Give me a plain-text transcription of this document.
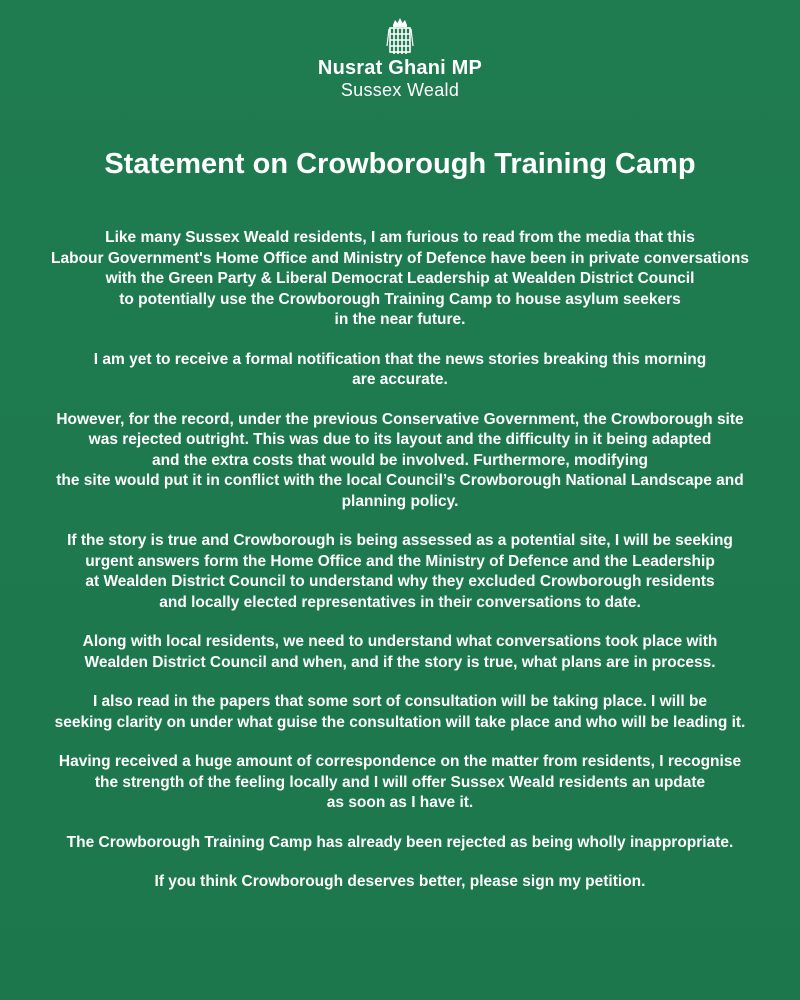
Nusrat Ghani MP
Sussex Weald
Statement on Crowborough Training Camp
Like many Sussex Weald residents, I am furious to read from the media that this
Labour Government's Home Office and Ministry of Defence have been in private conversations
with the Green Party & Liberal Democrat Leadership at Wealden District Council
to potentially use the Crowborough Training Camp to house asylum seekers
in the near future.
I am yet to receive a formal notification that the news stories breaking this morning
are accurate.
However, for the record, under the previous Conservative Government, the Crowborough site
was rejected outright. This was due to its layout and the difficulty in it being adapted
and the extra costs that would be involved. Furthermore, modifying
the site would put it in conflict with the local Council’s Crowborough National Landscape and
planning policy.
If the story is true and Crowborough is being assessed as a potential site, I will be seeking
urgent answers form the Home Office and the Ministry of Defence and the Leadership
at Wealden District Council to understand why they excluded Crowborough residents
and locally elected representatives in their conversations to date.
Along with local residents, we need to understand what conversations took place with
Wealden District Council and when, and if the story is true, what plans are in process.
I also read in the papers that some sort of consultation will be taking place. I will be
seeking clarity on under what guise the consultation will take place and who will be leading it.
Having received a huge amount of correspondence on the matter from residents, I recognise
the strength of the feeling locally and I will offer Sussex Weald residents an update
as soon as I have it.
The Crowborough Training Camp has already been rejected as being wholly inappropriate.
If you think Crowborough deserves better, please sign my petition.
